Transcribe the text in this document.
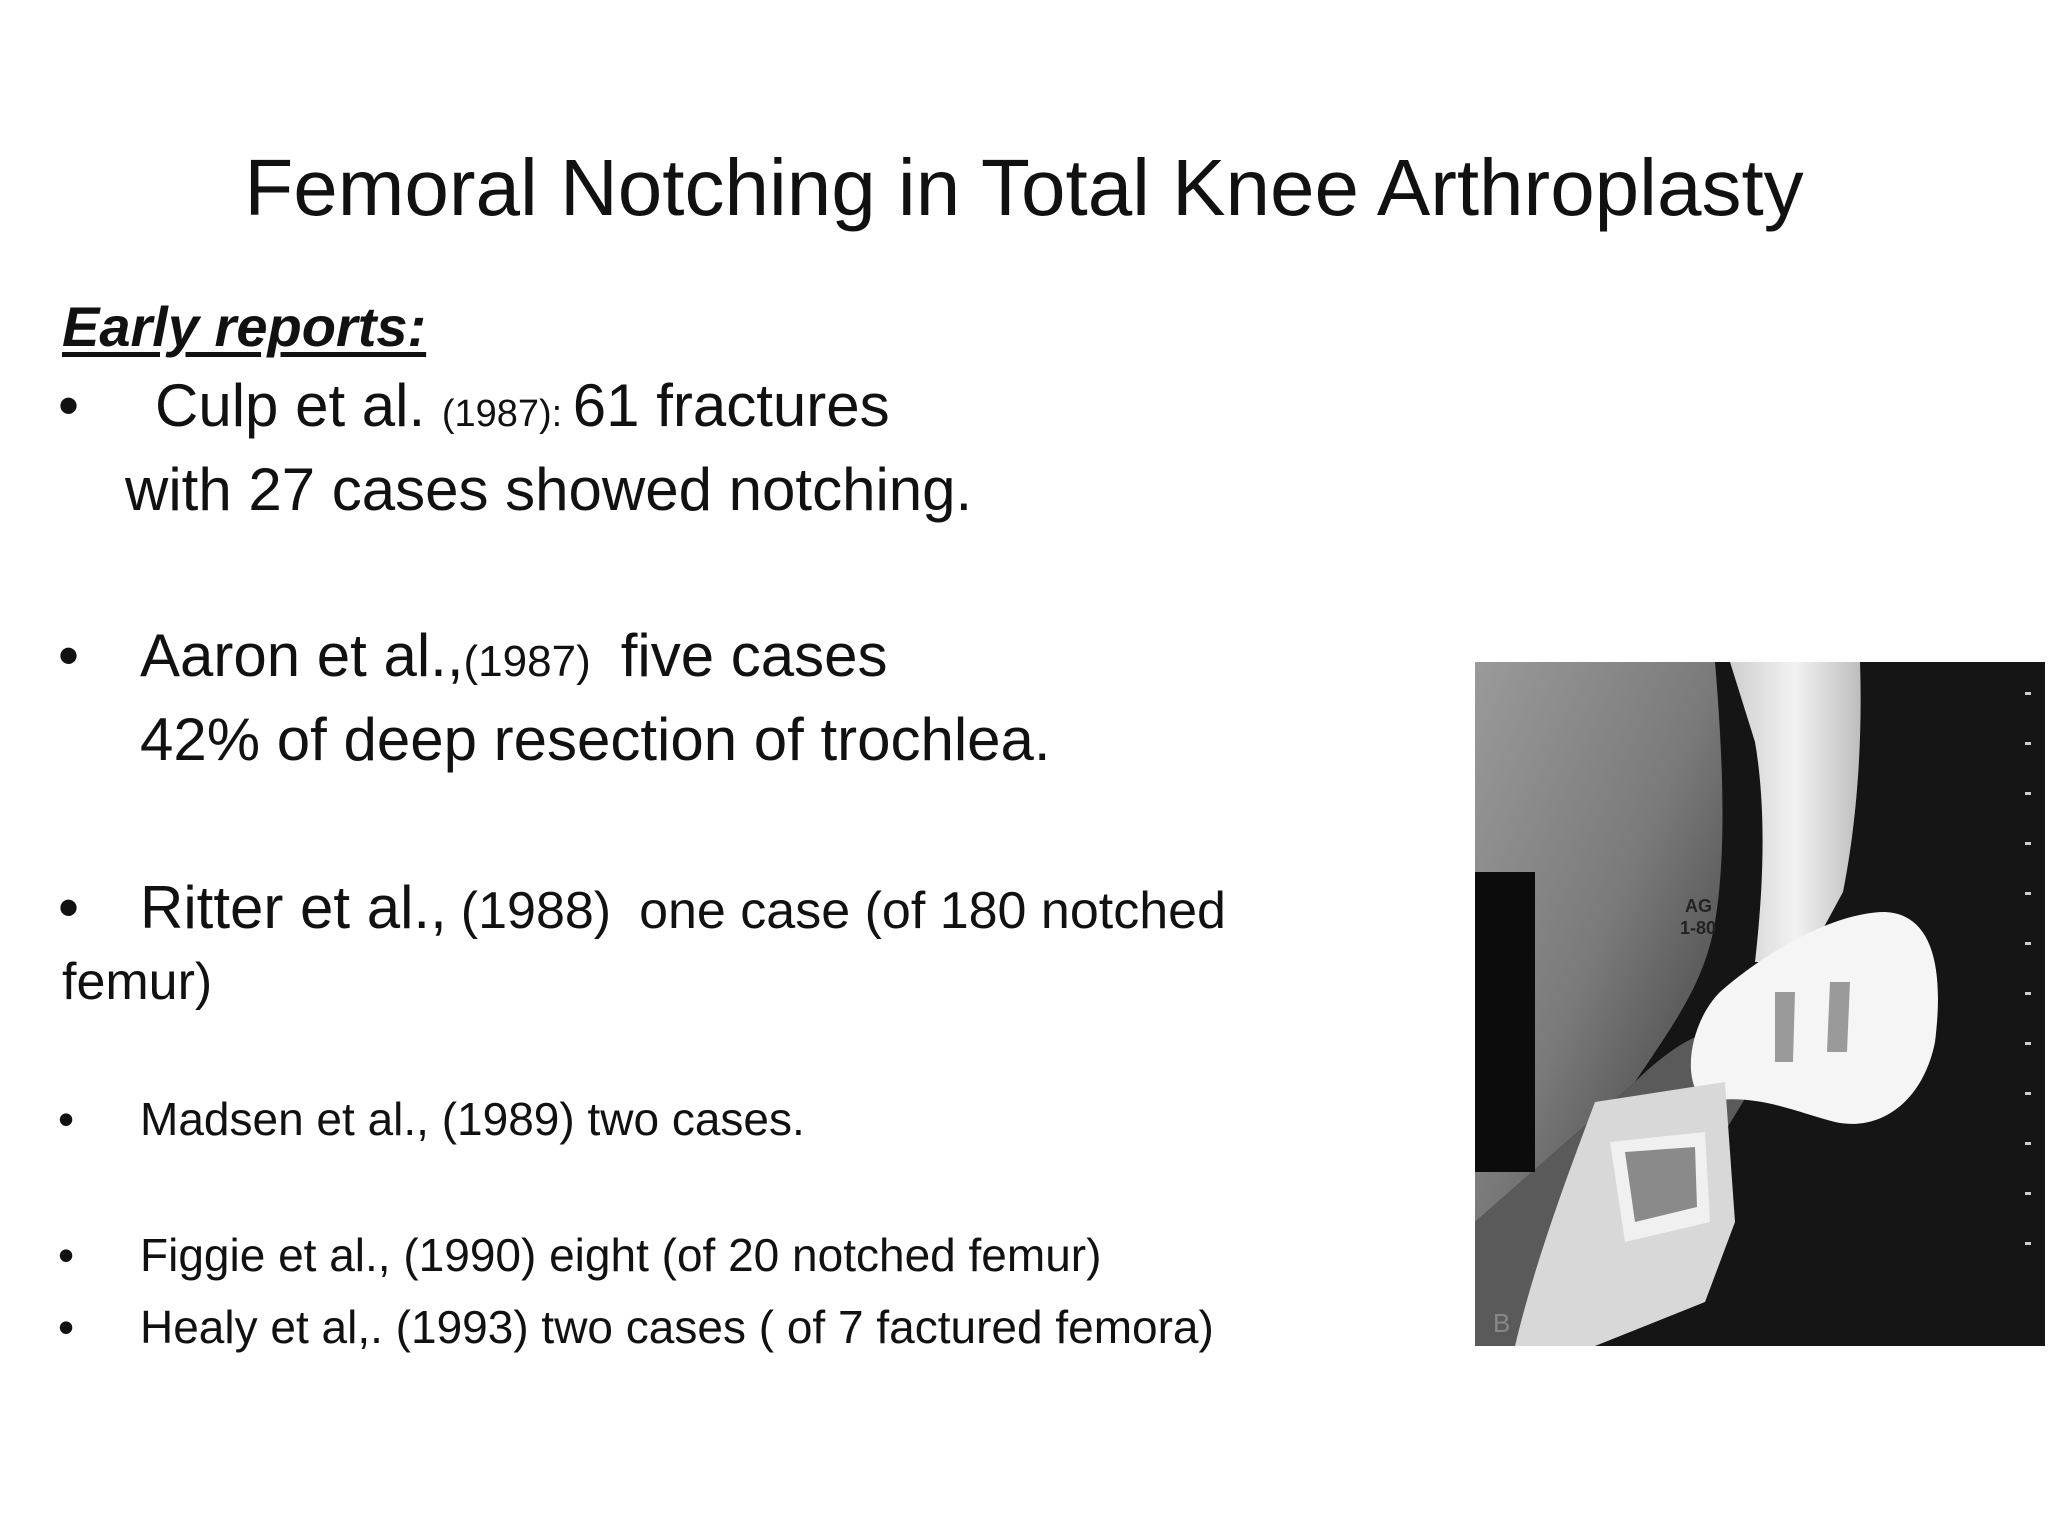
Femoral Notching in Total Knee Arthroplasty
Early reports:
• Culp et al. (1987): 61 fractures
with 27 cases showed notching.
• Aaron et al.,(1987) five cases
42% of deep resection of trochlea.
• Ritter et al., (1988) one case (of 180 notched
femur)
• Madsen et al., (1989) two cases.
• Figgie et al., (1990) eight (of 20 notched femur)
• Healy et al,. (1993) two cases ( of 7 factured femora)
AG
1-80
B
